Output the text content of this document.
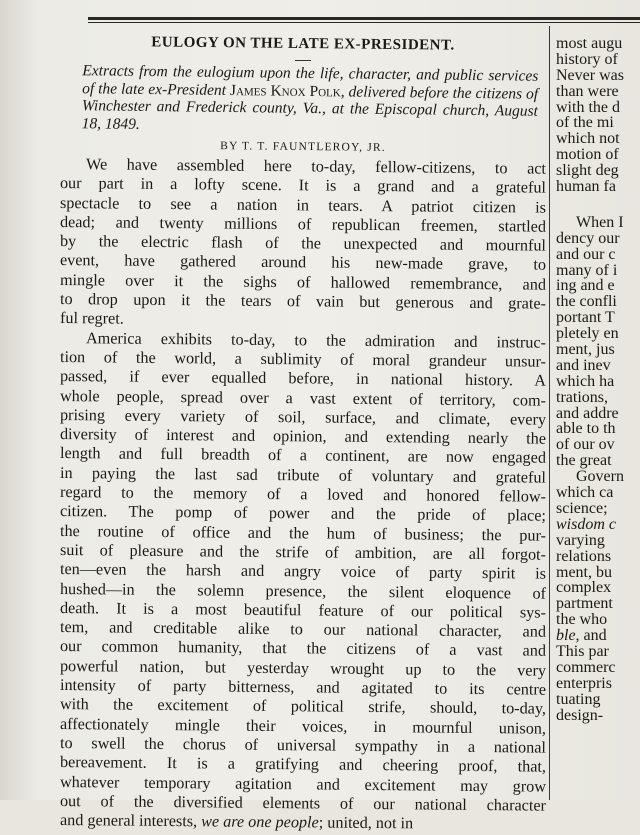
EULOGY ON THE LATE EX-PRESIDENT.
Extracts from the eulogium upon the life, character, and public services of the late ex-President James Knox Polk, delivered before the citizens of Winchester and Frederick county, Va., at the Episcopal church, August 18, 1849.
BY T. T. FAUNTLEROY, JR.
We have assembled here to-day, fellow-citizens, to act
our part in a lofty scene. It is a grand and a grateful
spectacle to see a nation in tears. A patriot citizen is
dead; and twenty millions of republican freemen, startled
by the electric flash of the unexpected and mournful
event, have gathered around his new-made grave, to
mingle over it the sighs of hallowed remembrance, and
to drop upon it the tears of vain but generous and grate-
ful regret.
America exhibits to-day, to the admiration and instruc-
tion of the world, a sublimity of moral grandeur unsur-
passed, if ever equalled before, in national history. A
whole people, spread over a vast extent of territory, com-
prising every variety of soil, surface, and climate, every
diversity of interest and opinion, and extending nearly the
length and full breadth of a continent, are now engaged
in paying the last sad tribute of voluntary and grateful
regard to the memory of a loved and honored fellow-
citizen. The pomp of power and the pride of place;
the routine of office and the hum of business; the pur-
suit of pleasure and the strife of ambition, are all forgot-
ten—even the harsh and angry voice of party spirit is
hushed—in the solemn presence, the silent eloquence of
death. It is a most beautiful feature of our political sys-
tem, and creditable alike to our national character, and
our common humanity, that the citizens of a vast and
powerful nation, but yesterday wrought up to the very
intensity of party bitterness, and agitated to its centre
with the excitement of political strife, should, to-day,
affectionately mingle their voices, in mournful unison,
to swell the chorus of universal sympathy in a national
bereavement. It is a gratifying and cheering proof, that,
whatever temporary agitation and excitement may grow
out of the diversified elements of our national character
and general interests, we are one people; united, not in
most augu
history of
Never was
than were
with the d
of the mi
which not
motion of
slight deg
human fa
When I
dency our
and our c
many of i
ing and e
the confli
portant T
pletely en
ment, jus
and inev
which ha
trations,
and addre
able to th
of our ov
the great
Govern
which ca
science;
wisdom c
varying
relations
ment, bu
complex
partment
the who
ble, and
This par
commerc
enterpris
tuating
design-
